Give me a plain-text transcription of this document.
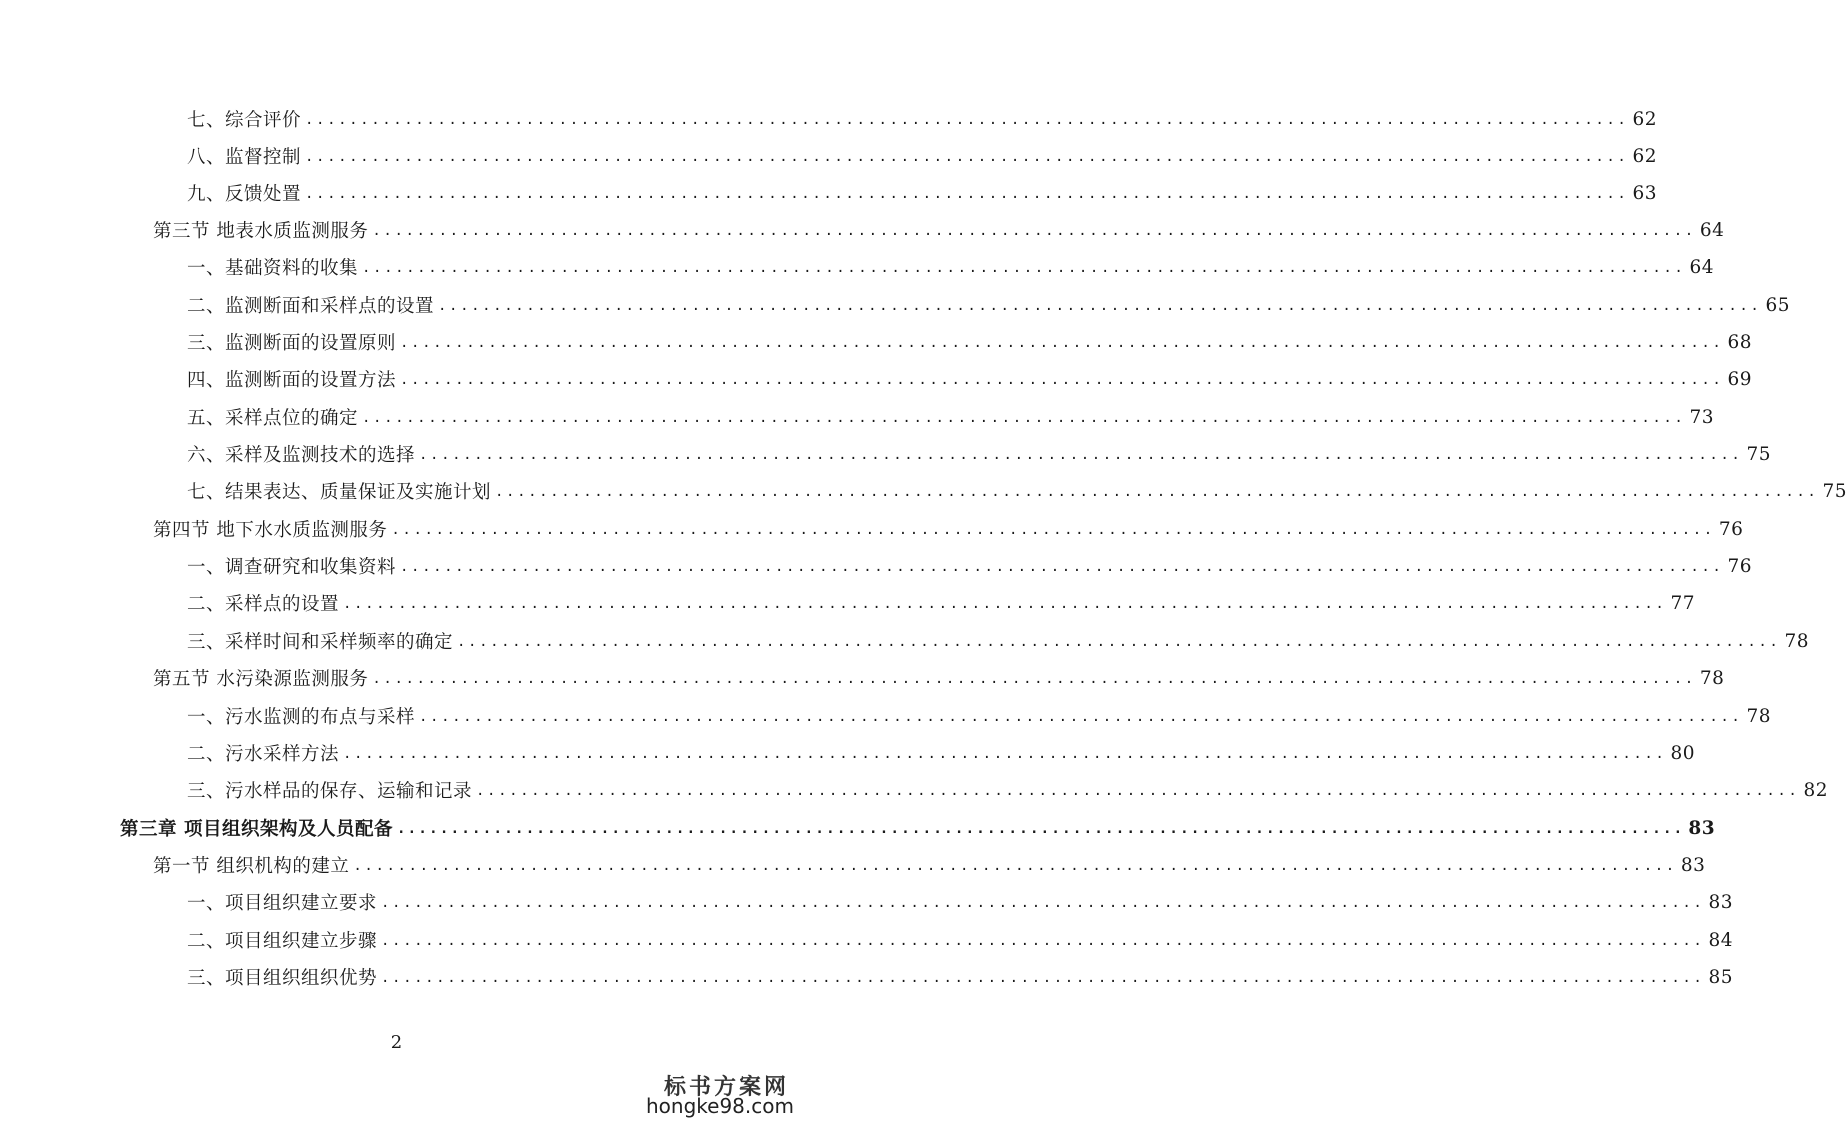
七、综合评价 ........................................................................................................................ 62
八、监督控制 ........................................................................................................................ 62
九、反馈处置 ........................................................................................................................ 63
第三节 地表水质监测服务 ........................................................................................................................ 64
一、基础资料的收集 ........................................................................................................................ 64
二、监测断面和采样点的设置 ........................................................................................................................ 65
三、监测断面的设置原则 ........................................................................................................................ 68
四、监测断面的设置方法 ........................................................................................................................ 69
五、采样点位的确定 ........................................................................................................................ 73
六、采样及监测技术的选择 ........................................................................................................................ 75
七、结果表达、质量保证及实施计划 ........................................................................................................................ 75
第四节 地下水水质监测服务 ........................................................................................................................ 76
一、调查研究和收集资料 ........................................................................................................................ 76
二、采样点的设置 ........................................................................................................................ 77
三、采样时间和采样频率的确定 ........................................................................................................................ 78
第五节 水污染源监测服务 ........................................................................................................................ 78
一、污水监测的布点与采样 ........................................................................................................................ 78
二、污水采样方法 ........................................................................................................................ 80
三、污水样品的保存、运输和记录 ........................................................................................................................ 82
第三章 项目组织架构及人员配备 ........................................................................................................................ 83
第一节 组织机构的建立 ........................................................................................................................ 83
一、项目组织建立要求 ........................................................................................................................ 83
二、项目组织建立步骤 ........................................................................................................................ 84
三、项目组织组织优势 ........................................................................................................................ 85
2
标书方案网
hongke98.com
